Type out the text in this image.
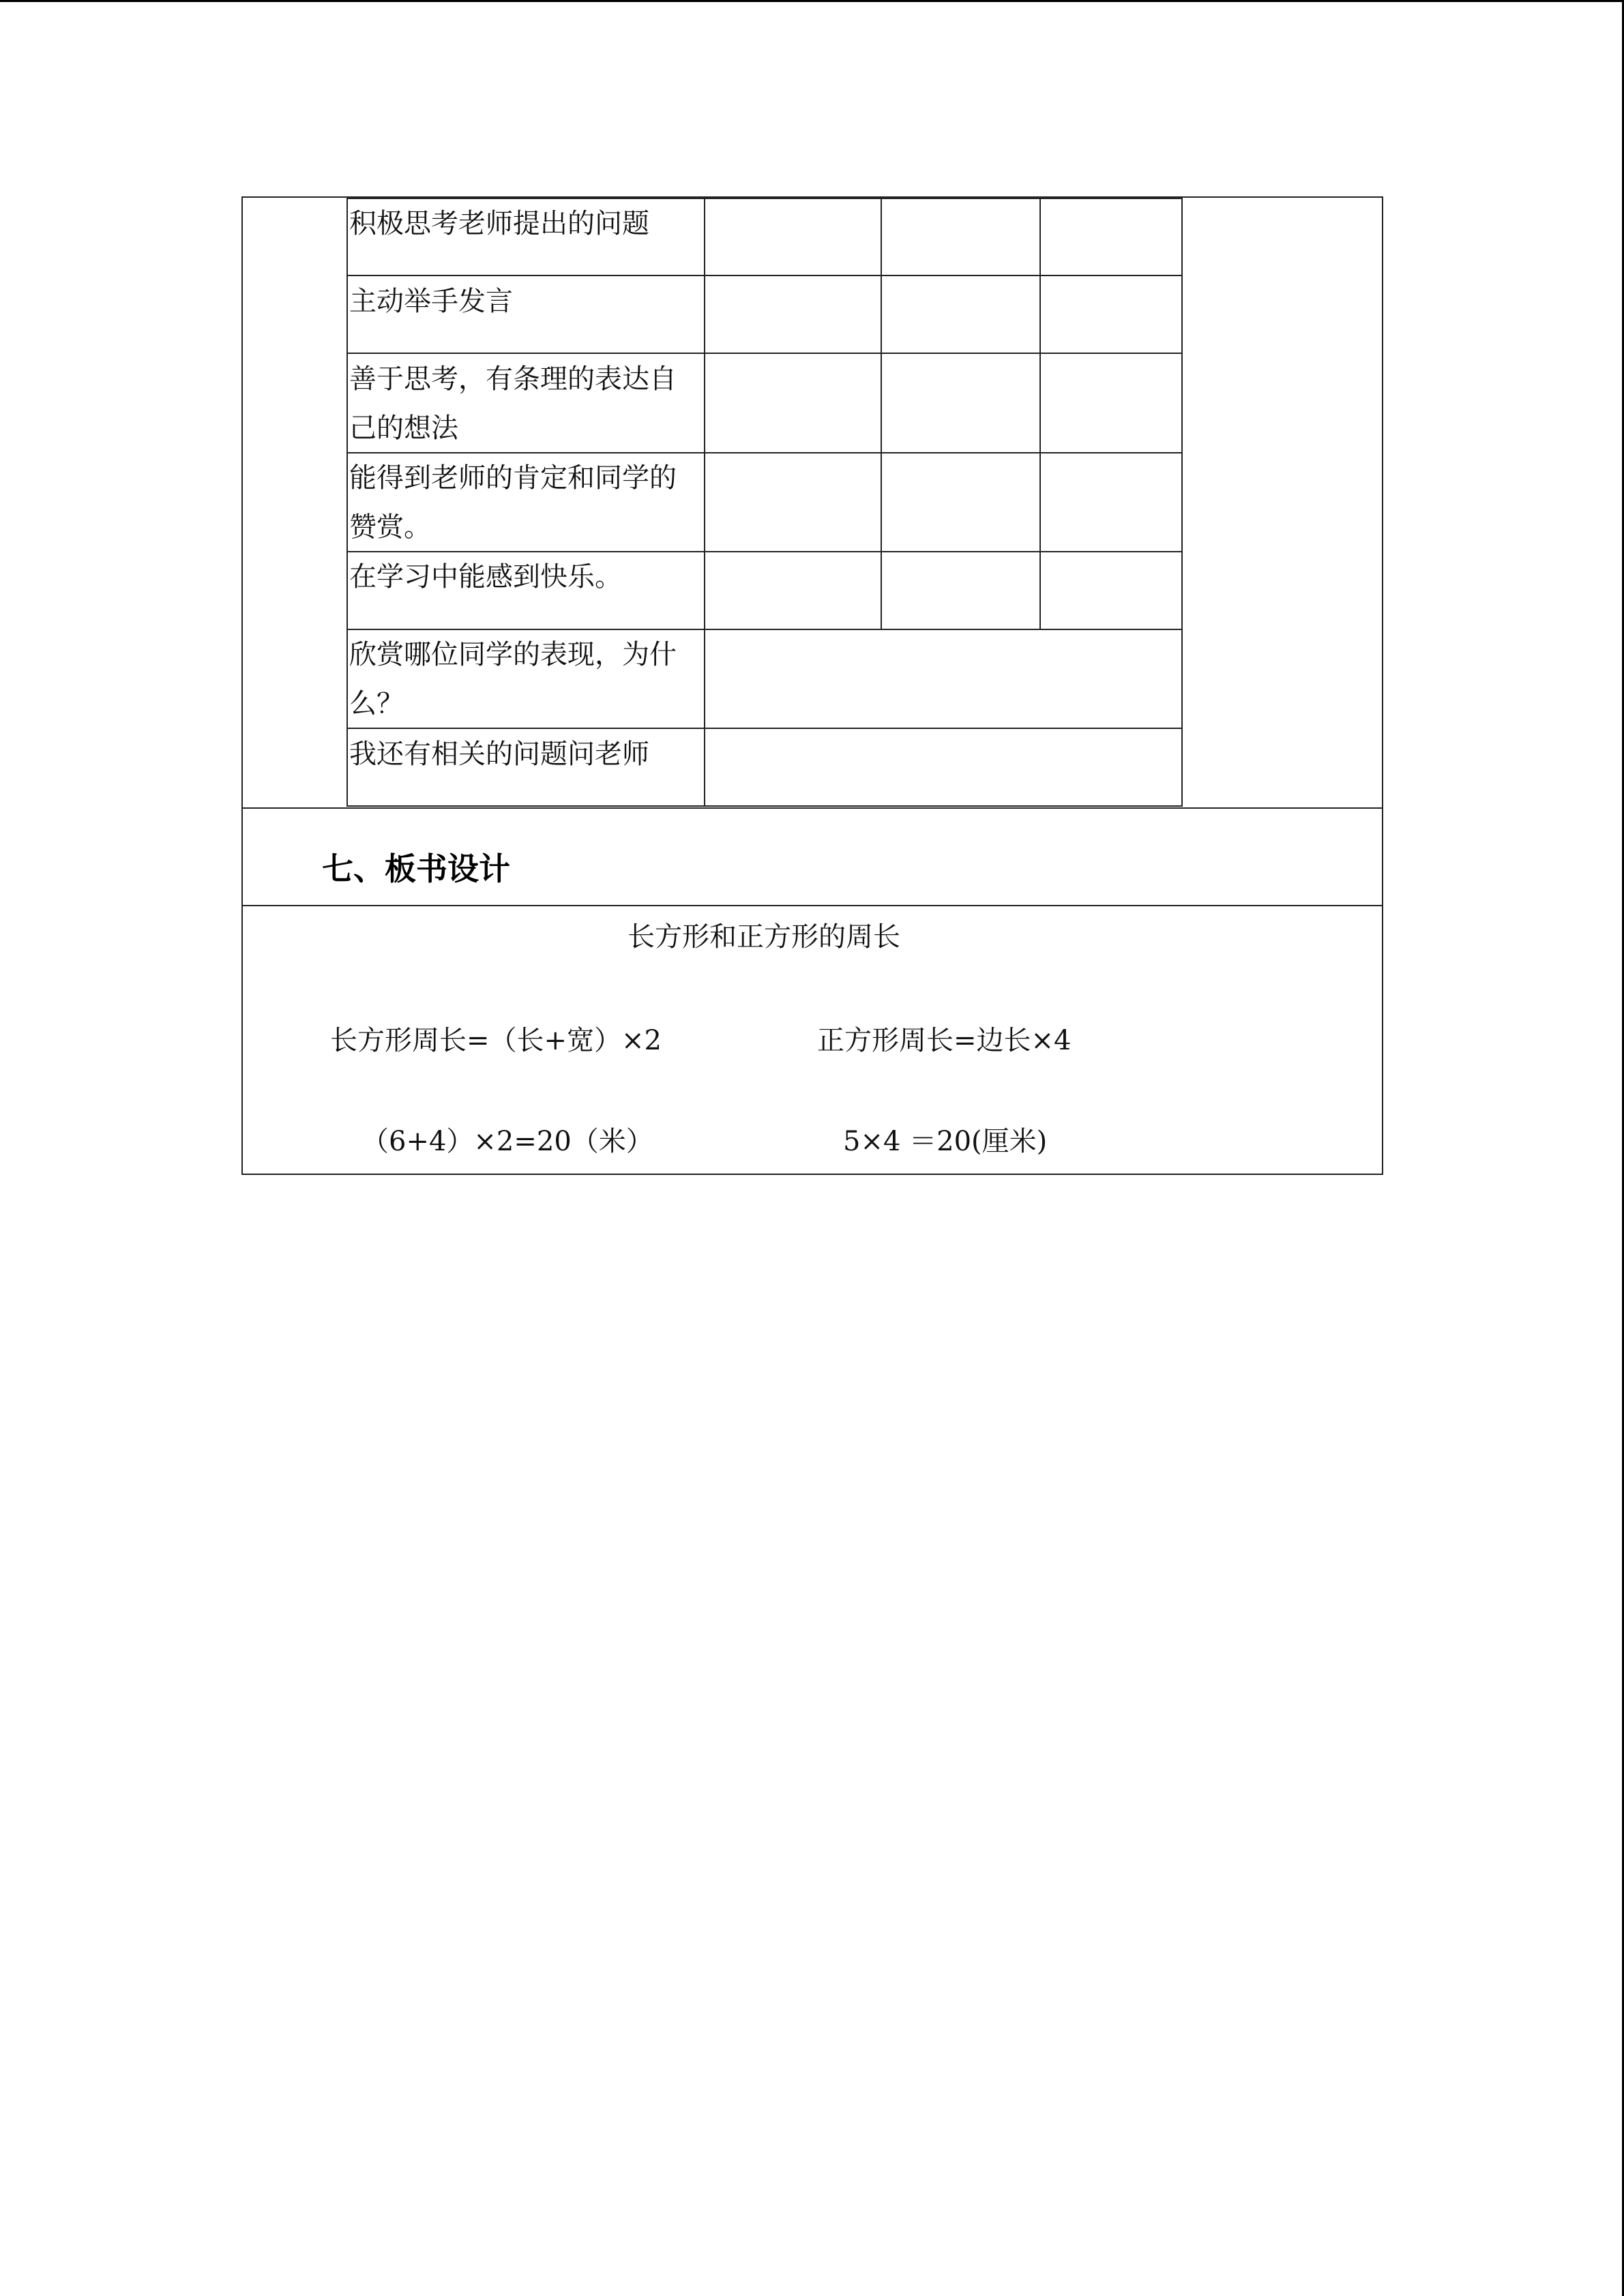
积极思考老师提出的问题
主动举手发言
善于思考，有条理的表达自己的想法
能得到老师的肯定和同学的赞赏。
在学习中能感到快乐。
欣赏哪位同学的表现，为什么？
我还有相关的问题问老师
七、板书设计
长方形和正方形的周长
长方形周长=（长+宽）×2	正方形周长=边长×4
（6+4）×2=20（米）	5×4 ＝20(厘米)
